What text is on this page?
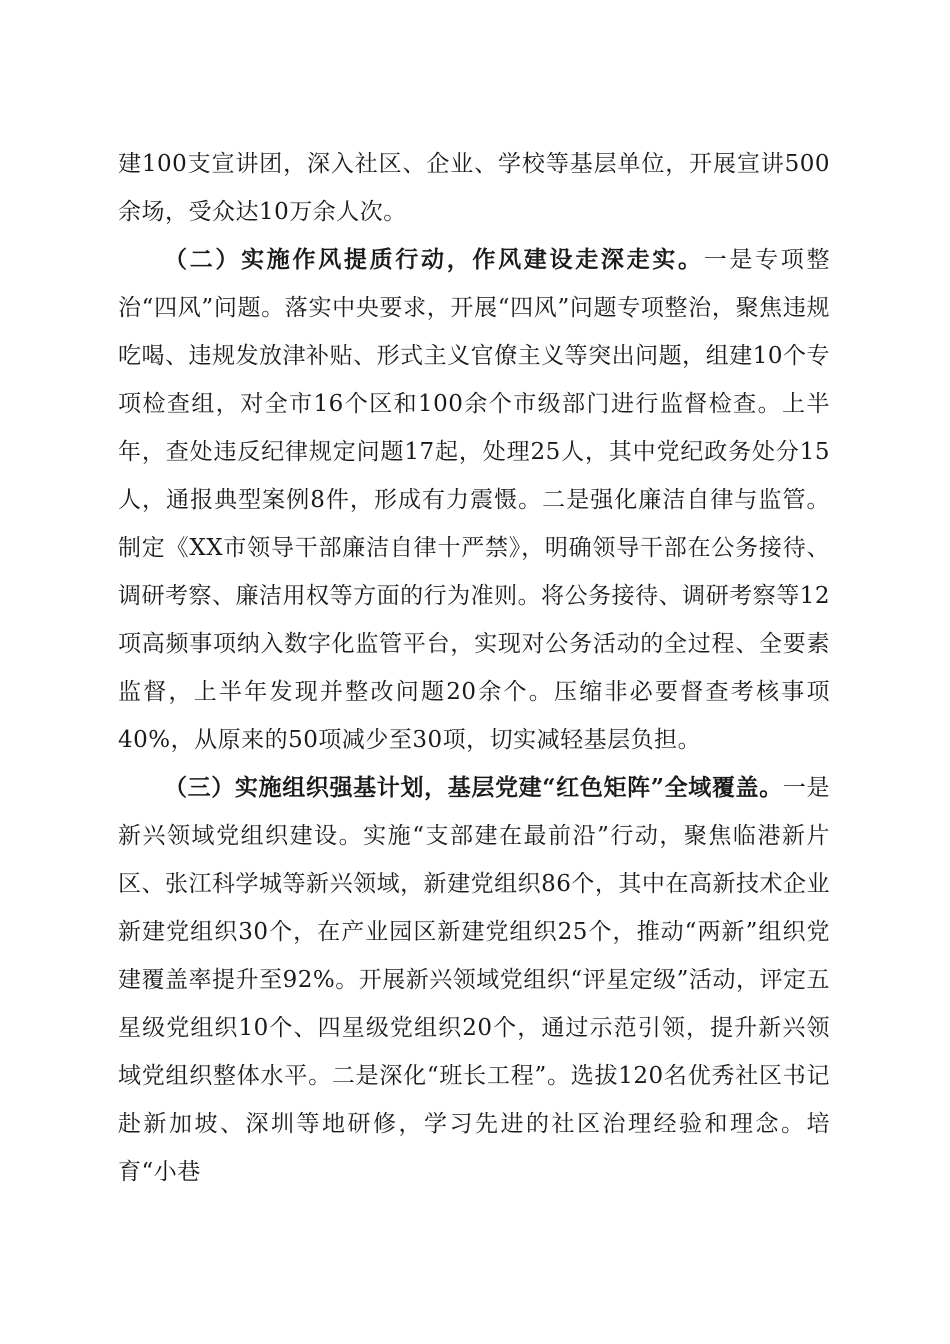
建100支宣讲团，深入社区、企业、学校等基层单位，开展宣讲500余场，受众达10万余人次。

（二）实施作风提质行动，作风建设走深走实。一是专项整治“四风”问题。落实中央要求，开展“四风”问题专项整治，聚焦违规吃喝、违规发放津补贴、形式主义官僚主义等突出问题，组建10个专项检查组，对全市16个区和100余个市级部门进行监督检查。上半年，查处违反纪律规定问题17起，处理25人，其中党纪政务处分15人，通报典型案例8件，形成有力震慑。二是强化廉洁自律与监管。制定《XX市领导干部廉洁自律十严禁》，明确领导干部在公务接待、调研考察、廉洁用权等方面的行为准则。将公务接待、调研考察等12项高频事项纳入数字化监管平台，实现对公务活动的全过程、全要素监督，上半年发现并整改问题20余个。压缩非必要督查考核事项40%，从原来的50项减少至30项，切实减轻基层负担。

（三）实施组织强基计划，基层党建“红色矩阵”全域覆盖。一是新兴领域党组织建设。实施“支部建在最前沿”行动，聚焦临港新片区、张江科学城等新兴领域，新建党组织86个，其中在高新技术企业新建党组织30个，在产业园区新建党组织25个，推动“两新”组织党建覆盖率提升至92%。开展新兴领域党组织“评星定级”活动，评定五星级党组织10个、四星级党组织20个，通过示范引领，提升新兴领域党组织整体水平。二是深化“班长工程”。选拔120名优秀社区书记赴新加坡、深圳等地研修，学习先进的社区治理经验和理念。培育“小巷
